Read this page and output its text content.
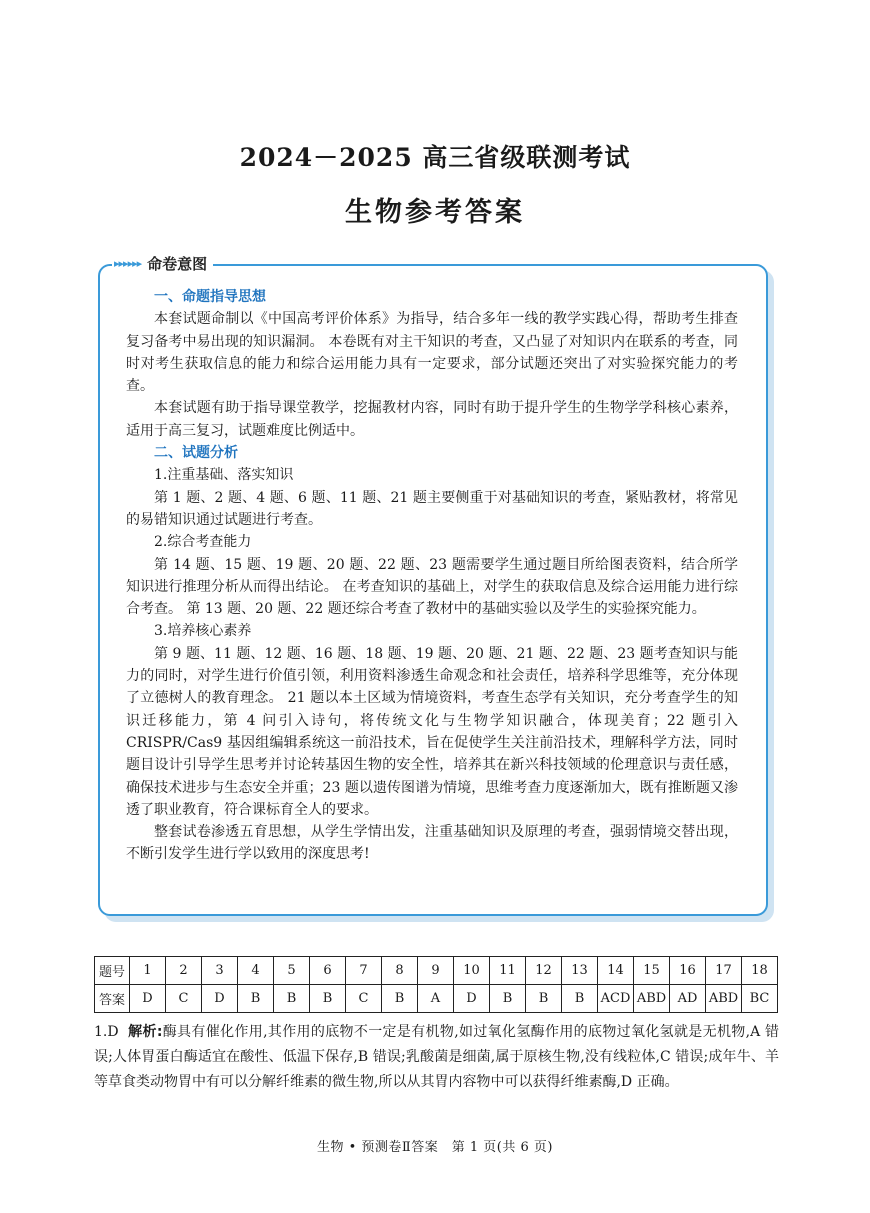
2024－2025 高三省级联测考试
生物参考答案
▸▸▸▸▸▸ 命卷意图
一、命题指导思想

本套试题命制以《中国高考评价体系》为指导，结合多年一线的教学实践心得，帮助考生排查复习备考中易出现的知识漏洞。 本卷既有对主干知识的考查，又凸显了对知识内在联系的考查，同时对考生获取信息的能力和综合运用能力具有一定要求，部分试题还突出了对实验探究能力的考查。

本套试题有助于指导课堂教学，挖掘教材内容，同时有助于提升学生的生物学学科核心素养，适用于高三复习，试题难度比例适中。

二、试题分析
1.注重基础、落实知识

第 1 题、2 题、4 题、6 题、11 题、21 题主要侧重于对基础知识的考查，紧贴教材，将常见的易错知识通过试题进行考查。

2.综合考查能力

第 14 题、15 题、19 题、20 题、22 题、23 题需要学生通过题目所给图表资料，结合所学知识进行推理分析从而得出结论。 在考查知识的基础上，对学生的获取信息及综合运用能力进行综合考查。 第 13 题、20 题、22 题还综合考查了教材中的基础实验以及学生的实验探究能力。

3.培养核心素养

第 9 题、11 题、12 题、16 题、18 题、19 题、20 题、21 题、22 题、23 题考查知识与能力的同时，对学生进行价值引领，利用资料渗透生命观念和社会责任，培养科学思维等，充分体现了立德树人的教育理念。 21 题以本土区域为情境资料，考查生态学有关知识，充分考查学生的知识迁移能力，第 4 问引入诗句，将传统文化与生物学知识融合，体现美育；22 题引入 CRISPR/Cas9 基因组编辑系统这一前沿技术，旨在促使学生关注前沿技术，理解科学方法，同时题目设计引导学生思考并讨论转基因生物的安全性，培养其在新兴科技领域的伦理意识与责任感，确保技术进步与生态安全并重；23 题以遗传图谱为情境，思维考查力度逐渐加大，既有推断题又渗透了职业教育，符合课标育全人的要求。

整套试卷渗透五育思想，从学生学情出发，注重基础知识及原理的考查，强弱情境交替出现，不断引发学生进行学以致用的深度思考!

题号	1	2	3	4	5	6	7	8	9	10	11	12	13	14	15	16	17	18
答案	D	C	D	B	B	B	C	B	A	D	B	B	B	ACD	ABD	AD	ABD	BC
1.D 解析:酶具有催化作用,其作用的底物不一定是有机物,如过氧化氢酶作用的底物过氧化氢就是无机物,A 错误;人体胃蛋白酶适宜在酸性、低温下保存,B 错误;乳酸菌是细菌,属于原核生物,没有线粒体,C 错误;成年牛、羊等草食类动物胃中有可以分解纤维素的微生物,所以从其胃内容物中可以获得纤维素酶,D 正确。
生物 • 预测卷Ⅱ答案　第 1 页(共 6 页)
